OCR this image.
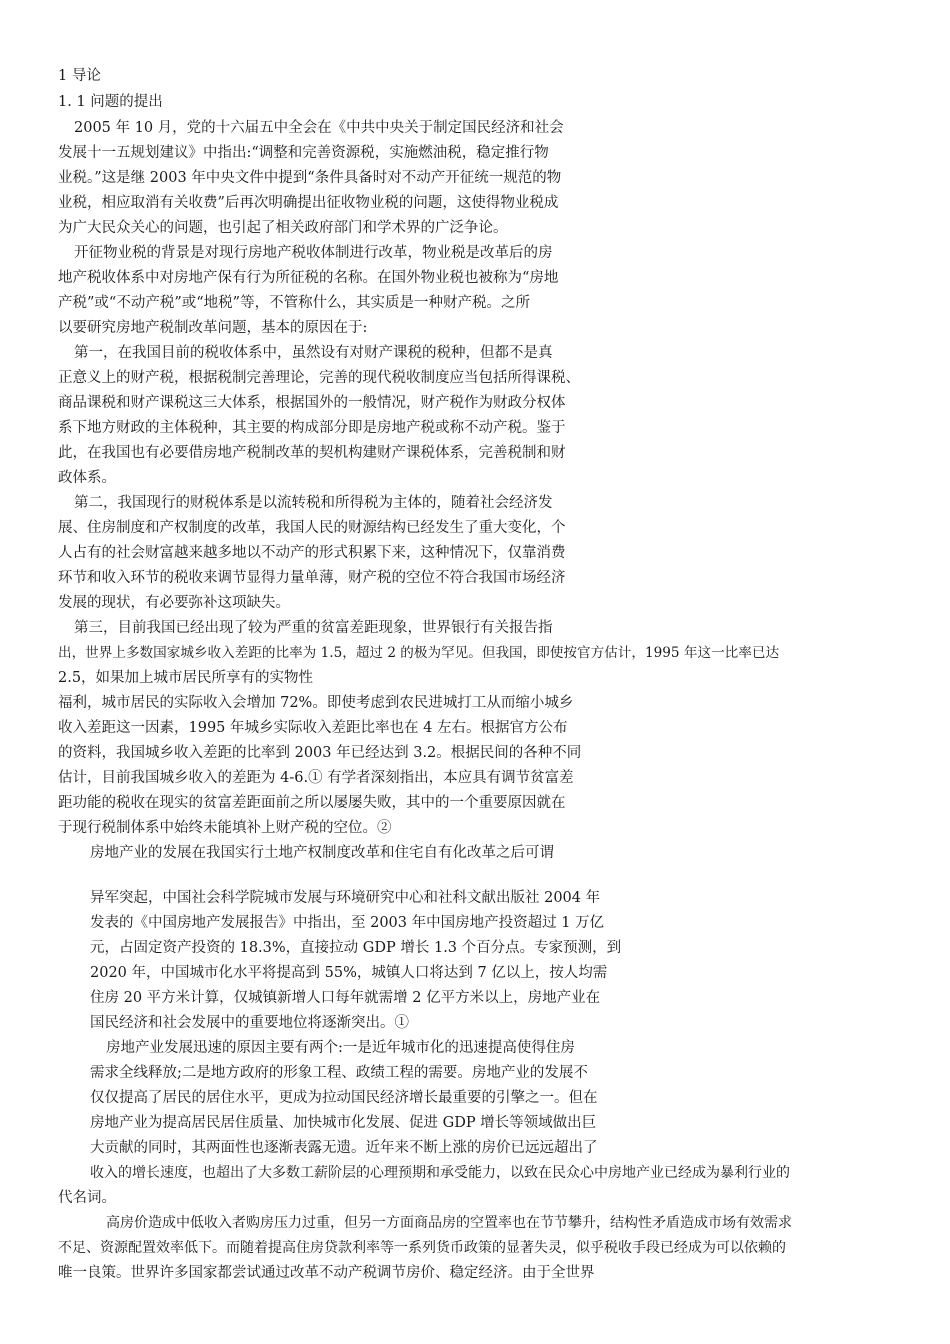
1 导论
1. 1 问题的提出
2005 年 10 月，党的十六届五中全会在《中共中央关于制定国民经济和社会
发展十一五规划建议》中指出:“调整和完善资源税，实施燃油税，稳定推行物
业税。”这是继 2003 年中央文件中提到“条件具备时对不动产开征统一规范的物
业税，相应取消有关收费”后再次明确提出征收物业税的问题，这使得物业税成
为广大民众关心的问题，也引起了相关政府部门和学术界的广泛争论。
开征物业税的背景是对现行房地产税收体制进行改革，物业税是改革后的房
地产税收体系中对房地产保有行为所征税的名称。在国外物业税也被称为“房地
产税”或“不动产税”或“地税”等，不管称什么，其实质是一种财产税。之所
以要研究房地产税制改革问题，基本的原因在于:
第一，在我国目前的税收体系中，虽然设有对财产课税的税种，但都不是真
正意义上的财产税，根据税制完善理论，完善的现代税收制度应当包括所得课税、
商品课税和财产课税这三大体系，根据国外的一般情况，财产税作为财政分权体
系下地方财政的主体税种，其主要的构成部分即是房地产税或称不动产税。鉴于
此，在我国也有必要借房地产税制改革的契机构建财产课税体系，完善税制和财
政体系。
第二，我国现行的财税体系是以流转税和所得税为主体的，随着社会经济发
展、住房制度和产权制度的改革，我国人民的财源结构已经发生了重大变化，个
人占有的社会财富越来越多地以不动产的形式积累下来，这种情况下，仅靠消费
环节和收入环节的税收来调节显得力量单薄，财产税的空位不符合我国市场经济
发展的现状，有必要弥补这项缺失。
第三，目前我国已经出现了较为严重的贫富差距现象，世界银行有关报告指
出，世界上多数国家城乡收入差距的比率为 1.5，超过 2 的极为罕见。但我国，即使按官方估计，1995 年这一比率已达
2.5，如果加上城市居民所享有的实物性
福利，城市居民的实际收入会增加 72%。即使考虑到农民进城打工从而缩小城乡
收入差距这一因素，1995 年城乡实际收入差距比率也在 4 左右。根据官方公布
的资料，我国城乡收入差距的比率到 2003 年已经达到 3.2。根据民间的各种不同
估计，目前我国城乡收入的差距为 4-6.① 有学者深刻指出，本应具有调节贫富差
距功能的税收在现实的贫富差距面前之所以屡屡失败，其中的一个重要原因就在
于现行税制体系中始终未能填补上财产税的空位。②
房地产业的发展在我国实行土地产权制度改革和住宅自有化改革之后可谓
异军突起，中国社会科学院城市发展与环境研究中心和社科文献出版社 2004 年
发表的《中国房地产发展报告》中指出，至 2003 年中国房地产投资超过 1 万亿
元，占固定资产投资的 18.3%，直接拉动 GDP 增长 1.3 个百分点。专家预测，到
2020 年，中国城市化水平将提高到 55%，城镇人口将达到 7 亿以上，按人均需
住房 20 平方米计算，仅城镇新增人口每年就需增 2 亿平方米以上，房地产业在
国民经济和社会发展中的重要地位将逐渐突出。①
房地产业发展迅速的原因主要有两个:一是近年城市化的迅速提高使得住房
需求全线释放;二是地方政府的形象工程、政绩工程的需要。房地产业的发展不
仅仅提高了居民的居住水平，更成为拉动国民经济增长最重要的引擎之一。但在
房地产业为提高居民居住质量、加快城市化发展、促进 GDP 增长等领域做出巨
大贡献的同时，其两面性也逐渐表露无遗。近年来不断上涨的房价已远远超出了
收入的增长速度，也超出了大多数工薪阶层的心理预期和承受能力，以致在民众心中房地产业已经成为暴利行业的
代名词。
高房价造成中低收入者购房压力过重，但另一方面商品房的空置率也在节节攀升，结构性矛盾造成市场有效需求
不足、资源配置效率低下。而随着提高住房贷款利率等一系列货币政策的显著失灵，似乎税收手段已经成为可以依赖的
唯一良策。世界许多国家都尝试通过改革不动产税调节房价、稳定经济。由于全世界
